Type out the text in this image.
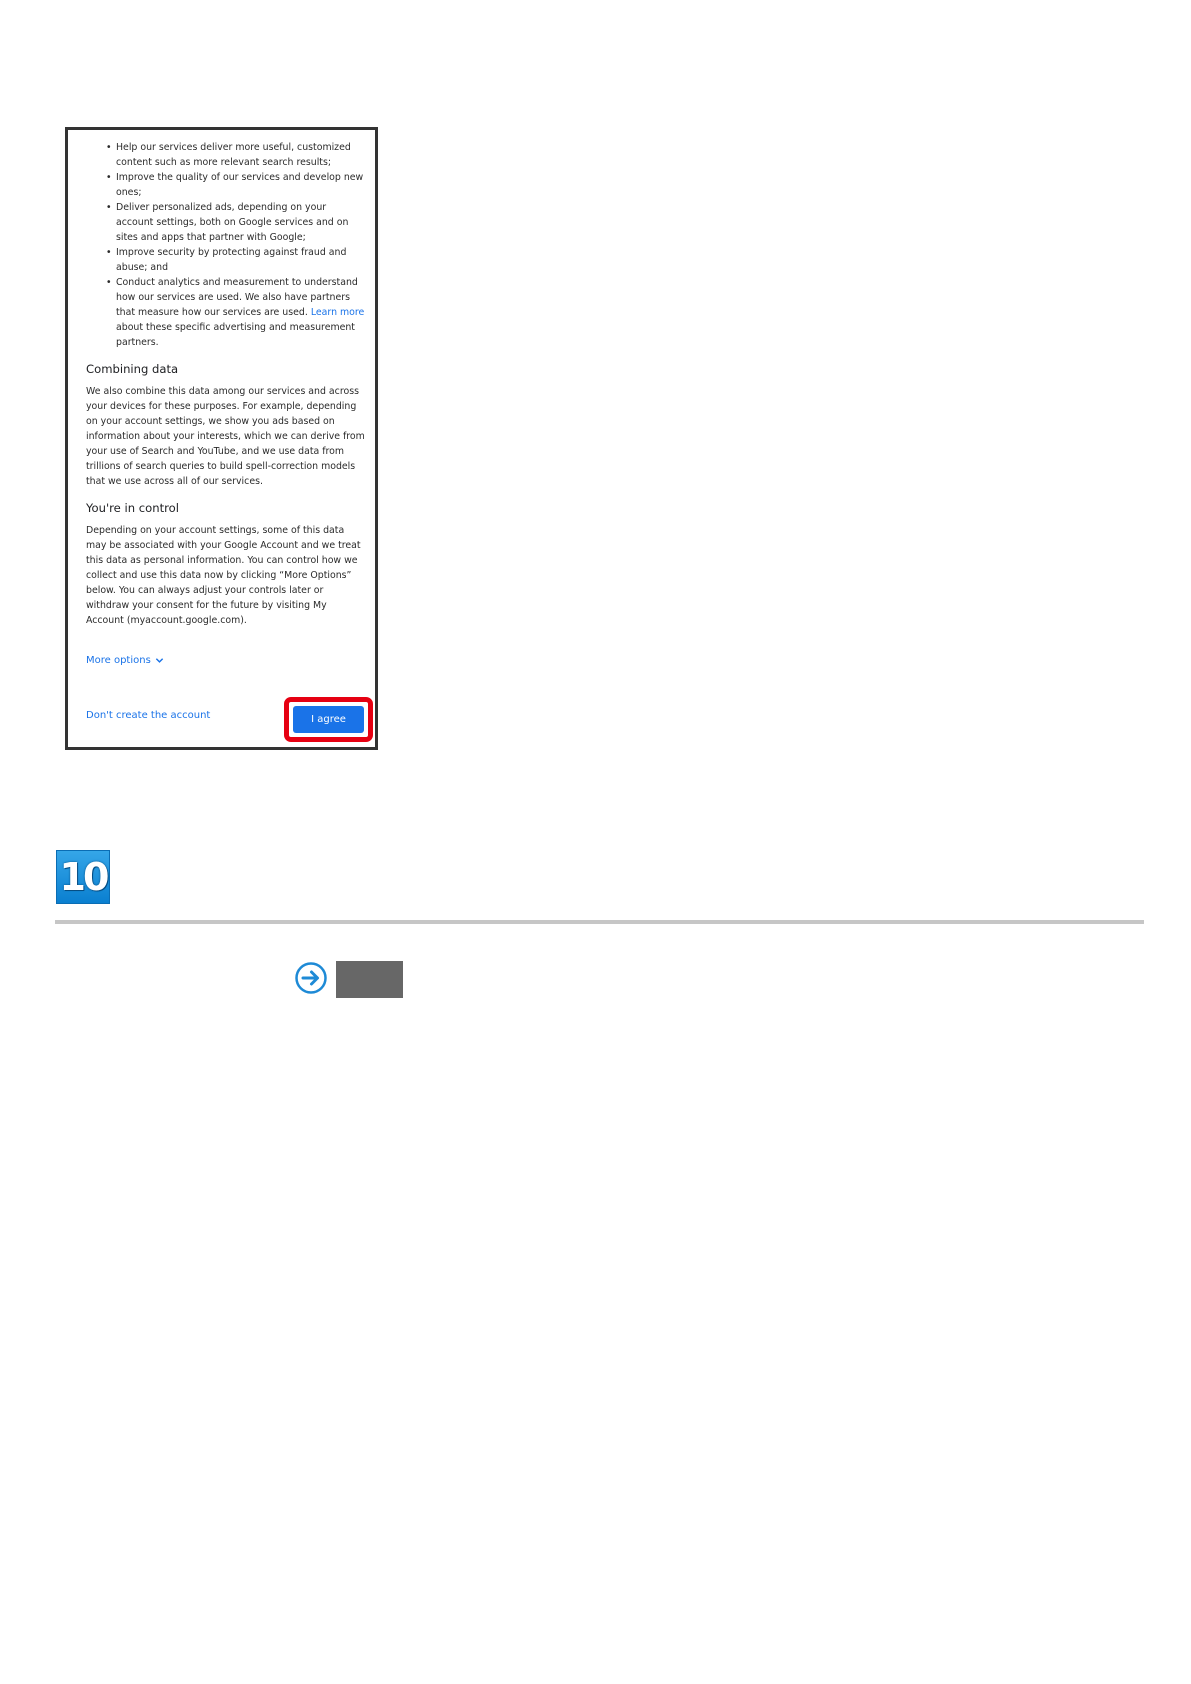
• Help our services deliver more useful, customized content such as more relevant search results;
• Improve the quality of our services and develop new ones;
• Deliver personalized ads, depending on your account settings, both on Google services and on sites and apps that partner with Google;
• Improve security by protecting against fraud and abuse; and
• Conduct analytics and measurement to understand how our services are used. We also have partners that measure how our services are used. Learn more about these specific advertising and measurement partners.
Combining data

We also combine this data among our services and across your devices for these purposes. For example, depending on your account settings, we show you ads based on information about your interests, which we can derive from your use of Search and YouTube, and we use data from trillions of search queries to build spell-correction models that we use across all of our services.

You're in control

Depending on your account settings, some of this data may be associated with your Google Account and we treat this data as personal information. You can control how we collect and use this data now by clicking “More Options” below. You can always adjust your controls later or withdraw your consent for the future by visiting My Account (myaccount.google.com).

More options
Don't create the account	I agree
10
